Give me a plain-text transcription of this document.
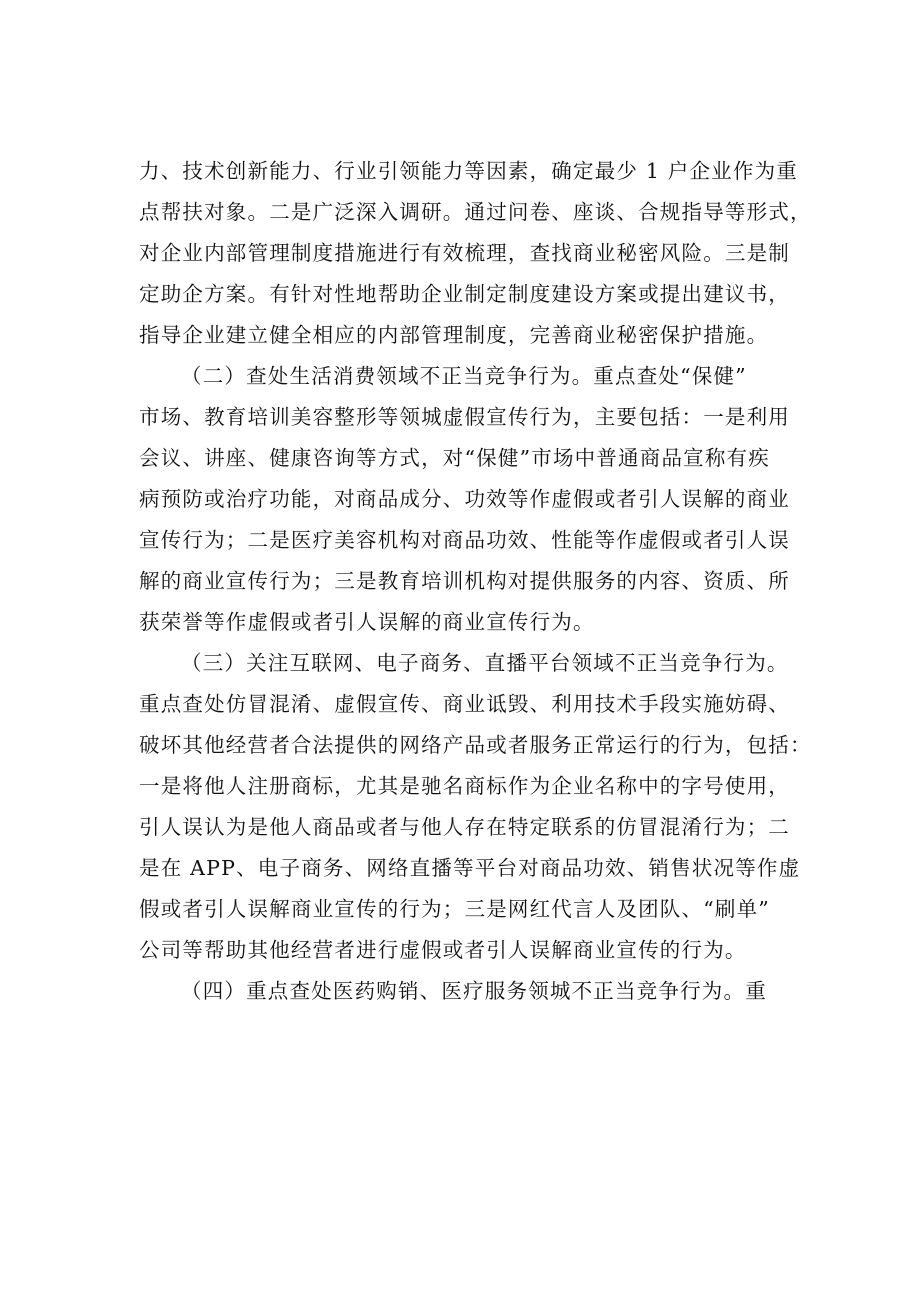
力、技术创新能力、行业引领能力等因素，确定最少 1 户企业作为重
点帮扶对象。二是广泛深入调研。通过问卷、座谈、合规指导等形式，
对企业内部管理制度措施进行有效梳理，查找商业秘密风险。三是制
定助企方案。有针对性地帮助企业制定制度建设方案或提出建议书，
指导企业建立健全相应的内部管理制度，完善商业秘密保护措施。
（二）查处生活消费领域不正当竞争行为。重点查处“保健”
市场、教育培训美容整形等领城虚假宣传行为，主要包括：一是利用
会议、讲座、健康咨询等方式，对“保健”市场中普通商品宣称有疾
病预防或治疗功能，对商品成分、功效等作虚假或者引人误解的商业
宣传行为；二是医疗美容机构对商品功效、性能等作虚假或者引人误
解的商业宣传行为；三是教育培训机构对提供服务的内容、资质、所
获荣誉等作虚假或者引人误解的商业宣传行为。
（三）关注互联网、电子商务、直播平台领域不正当竞争行为。
重点查处仿冒混淆、虚假宣传、商业诋毁、利用技术手段实施妨碍、
破坏其他经营者合法提供的网络产品或者服务正常运行的行为，包括：
一是将他人注册商标，尤其是驰名商标作为企业名称中的字号使用，
引人误认为是他人商品或者与他人存在特定联系的仿冒混淆行为；二
是在 APP、电子商务、网络直播等平台对商品功效、销售状况等作虚
假或者引人误解商业宣传的行为；三是网红代言人及团队、“刷单”
公司等帮助其他经营者进行虚假或者引人误解商业宣传的行为。
（四）重点查处医药购销、医疗服务领城不正当竞争行为。重
